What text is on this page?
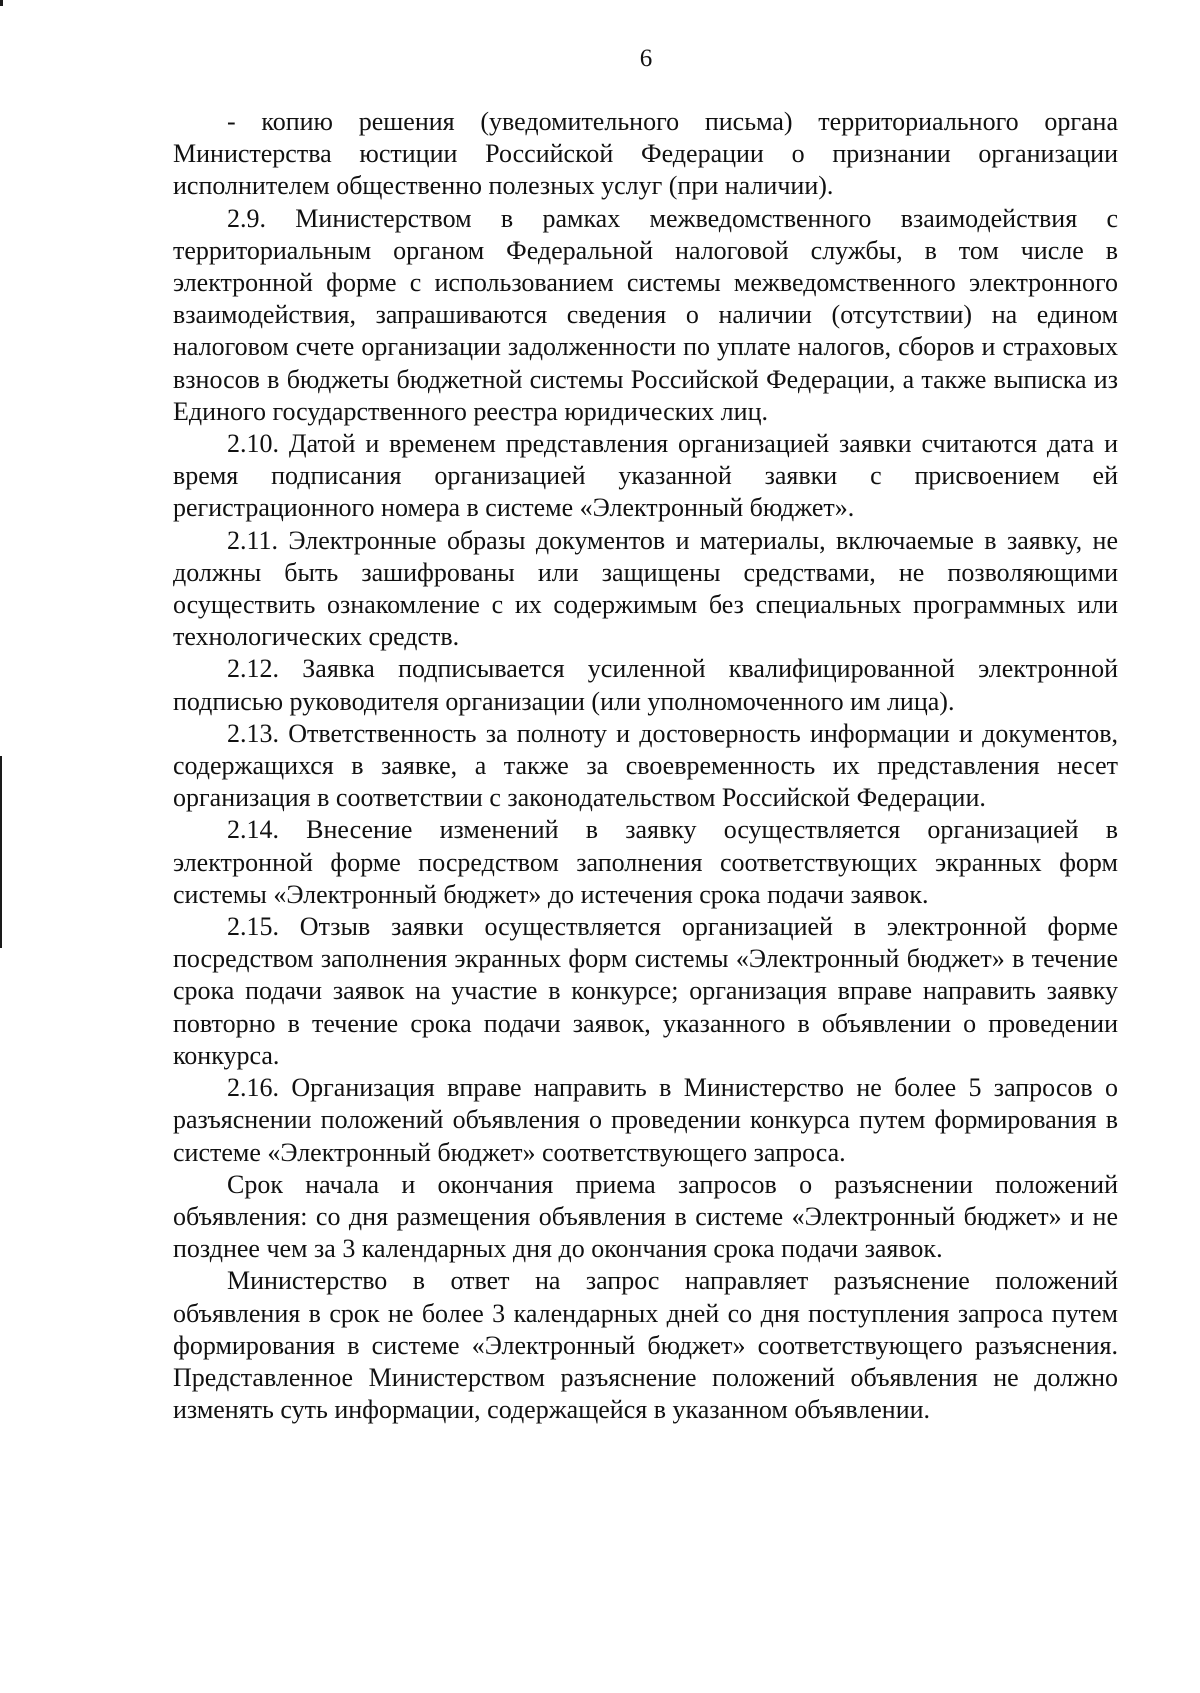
6

- копию решения (уведомительного письма) территориального органа Министерства юстиции Российской Федерации о признании организации исполнителем общественно полезных услуг (при наличии).

2.9. Министерством в рамках межведомственного взаимодействия с территориальным органом Федеральной налоговой службы, в том числе в электронной форме с использованием системы межведомственного электронного взаимодействия, запрашиваются сведения о наличии (отсутствии) на едином налоговом счете организации задолженности по уплате налогов, сборов и страховых взносов в бюджеты бюджетной системы Российской Федерации, а также выписка из Единого государственного реестра юридических лиц.

2.10. Датой и временем представления организацией заявки считаются дата и время подписания организацией указанной заявки с присвоением ей регистрационного номера в системе «Электронный бюджет».

2.11. Электронные образы документов и материалы, включаемые в заявку, не должны быть зашифрованы или защищены средствами, не позволяющими осуществить ознакомление с их содержимым без специальных программных или технологических средств.

2.12. Заявка подписывается усиленной квалифицированной электронной подписью руководителя организации (или уполномоченного им лица).

2.13. Ответственность за полноту и достоверность информации и документов, содержащихся в заявке, а также за своевременность их представления несет организация в соответствии с законодательством Российской Федерации.

2.14. Внесение изменений в заявку осуществляется организацией в электронной форме посредством заполнения соответствующих экранных форм системы «Электронный бюджет» до истечения срока подачи заявок.

2.15. Отзыв заявки осуществляется организацией в электронной форме посредством заполнения экранных форм системы «Электронный бюджет» в течение срока подачи заявок на участие в конкурсе; организация вправе направить заявку повторно в течение срока подачи заявок, указанного в объявлении о проведении конкурса.

2.16. Организация вправе направить в Министерство не более 5 запросов о разъяснении положений объявления о проведении конкурса путем формирования в системе «Электронный бюджет» соответствующего запроса.

Срок начала и окончания приема запросов о разъяснении положений объявления: со дня размещения объявления в системе «Электронный бюджет» и не позднее чем за 3 календарных дня до окончания срока подачи заявок.

Министерство в ответ на запрос направляет разъяснение положений объявления в срок не более 3 календарных дней со дня поступления запроса путем формирования в системе «Электронный бюджет» соответствующего разъяснения. Представленное Министерством разъяснение положений объявления не должно изменять суть информации, содержащейся в указанном объявлении.
